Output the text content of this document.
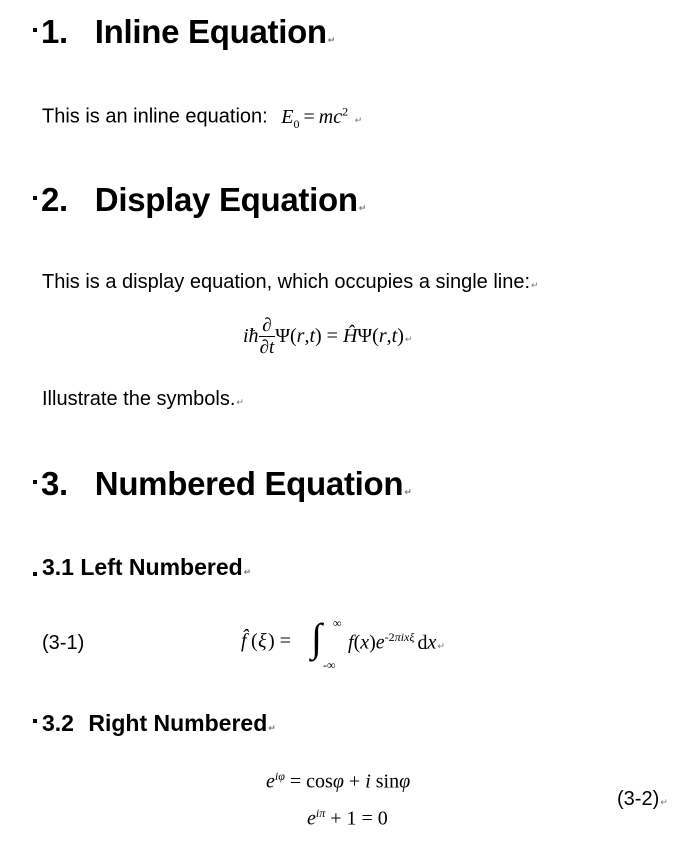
1. Inline Equation↵
This is an inline equation: $E_0 = mc^2$ ↵
2. Display Equation↵
This is a display equation, which occupies a single line:↵
iħ $\frac{\partial}{\partial t} \Psi(r,t)$ = ĤΨ(r,t)↵
Illustrate the symbols.↵
3. Numbered Equation↵
3.1 Left Numbered↵
(3-1)	f̂ ( ξ ) = ∫ ∞
-∞
$f(x)e^{-2\pi ix\xi}$ dx↵
3.2 Right Numbered↵
$e^{i\varphi} = \cos\varphi + i$ sinφ
$e^{i\pi} + 1 = 0$
(3-2)↵
